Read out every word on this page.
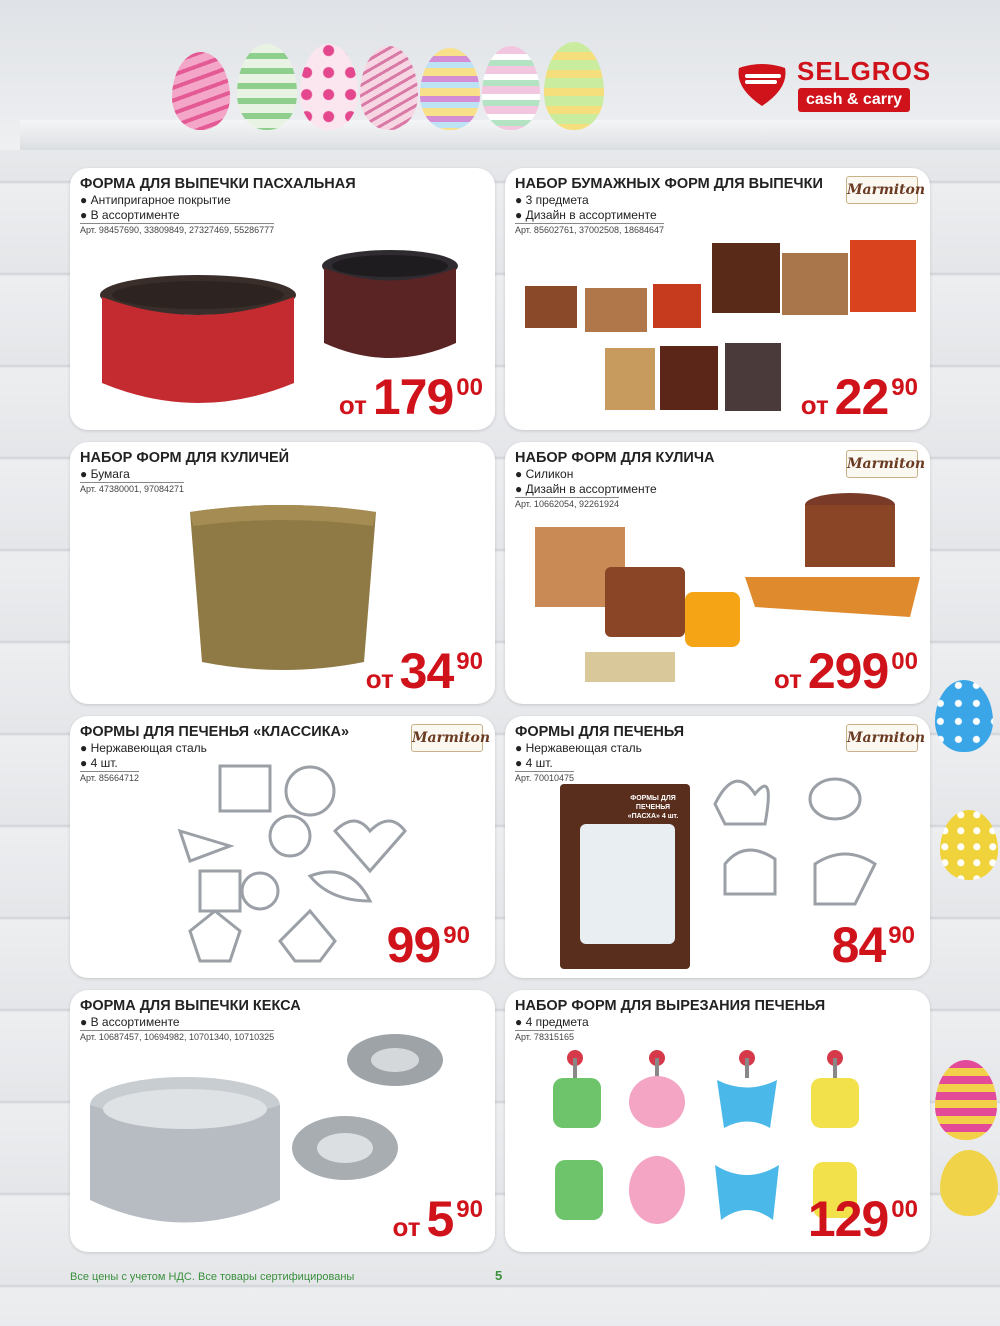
SELGROS
cash & carry
ФОРМА ДЛЯ ВЫПЕЧКИ ПАСХАЛЬНАЯ
● Антипригарное покрытие
● В ассортименте
Арт. 98457690, 33809849, 27327469, 55286777
от 179 00
НАБОР БУМАЖНЫХ ФОРМ ДЛЯ ВЫПЕЧКИ Marmiton
● 3 предмета
● Дизайн в ассортименте
Арт. 85602761, 37002508, 18684647
от 22 90
НАБОР ФОРМ ДЛЯ КУЛИЧЕЙ
● Бумага
Арт. 47380001, 97084271
от 34 90
НАБОР ФОРМ ДЛЯ КУЛИЧА	Marmiton
● Силикон
● Дизайн в ассортименте
Арт. 10662054, 92261924
от 299 00
ФОРМЫ ДЛЯ ПЕЧЕНЬЯ «КЛАССИКА»	Marmiton
● Нержавеющая сталь
● 4 шт.
Арт. 85664712
99 90
ФОРМЫ ДЛЯ ПЕЧЕНЬЯ	Marmiton
● Нержавеющая сталь
● 4 шт.
Арт. 70010475
ФОРМЫ ДЛЯ ПЕЧЕНЬЯ «ПАСХА» 4 шт.
84 90
ФОРМА ДЛЯ ВЫПЕЧКИ КЕКСА
● В ассортименте
Арт. 10687457, 10694982, 10701340, 10710325
от 5 90
НАБОР ФОРМ ДЛЯ ВЫРЕЗАНИЯ ПЕЧЕНЬЯ
● 4 предмета
Арт. 78315165
129 00
Все цены с учетом НДС. Все товары сертифицированы	5
